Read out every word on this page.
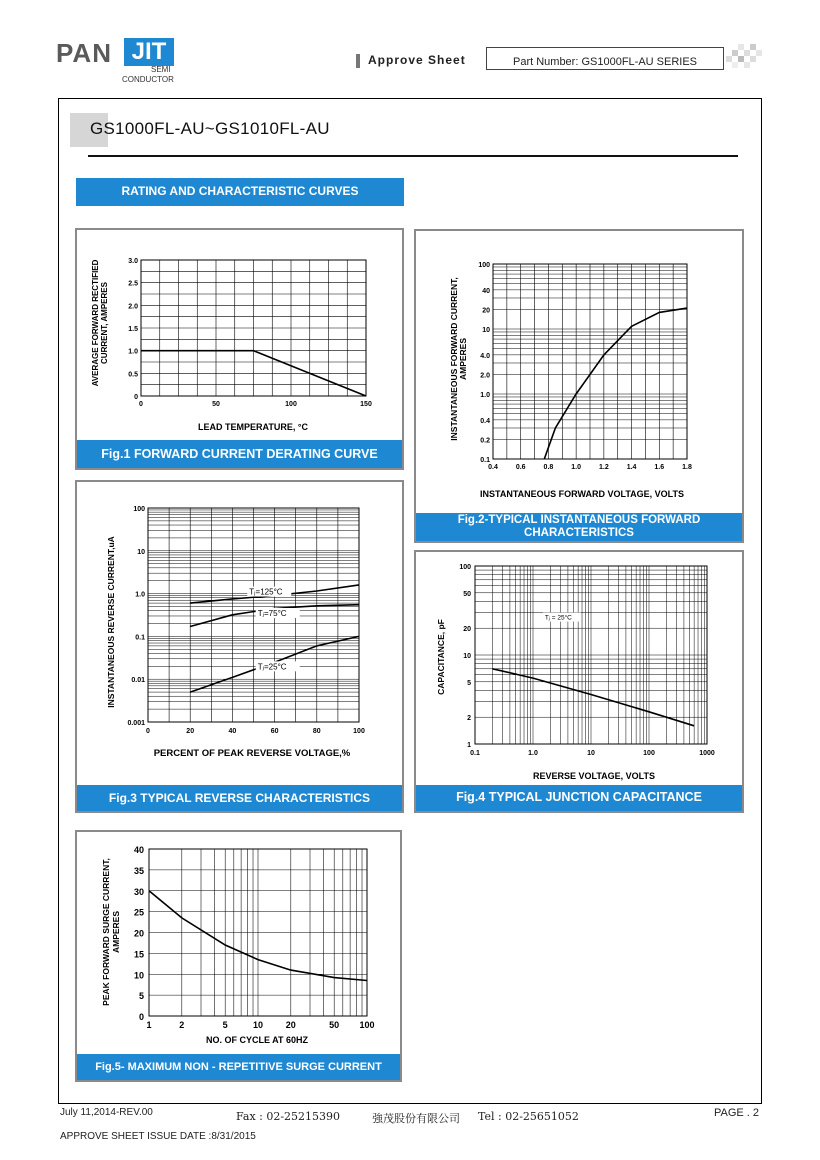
PAN JIT
SEMI
CONDUCTOR
Approve Sheet	Part Number: GS1000FL-AU SERIES
GS1000FL-AU~GS1010FL-AU
RATING AND CHARACTERISTIC CURVES
0	50	100	150
0
0.5
1.0
1.5
2.0
2.5
3.0
AVERAGE FORWARD RECTIFIED CURRENT, AMPERES
LEAD TEMPERATURE, °C
Fig.1 FORWARD CURRENT DERATING CURVE
0.4	0.6	0.8	1.0	1.2	1.4	1.6	1.8
0.1
0.2
0.4
1.0
2.0
4.0
10
20
40
100
INSTANTANEOUS FORWARD CURRENT, AMPERES
INSTANTANEOUS FORWARD VOLTAGE, VOLTS
Fig.2-TYPICAL INSTANTANEOUS FORWARD
CHARACTERISTICS
0	20	40	60	80	100
0.001
0.01
0.1
1.0
10
100
Tⱼ=125°C
Tⱼ=75°C
Tⱼ=25°C
INSTANTANEOUS REVERSE CURRENT,uA
PERCENT OF PEAK REVERSE VOLTAGE,%
Fig.3 TYPICAL REVERSE CHARACTERISTICS
0.1	1.0	10	100	1000
1
2
5
10
20
50
100
Tⱼ = 25°C
CAPACITANCE, pF
REVERSE VOLTAGE, VOLTS
Fig.4 TYPICAL JUNCTION CAPACITANCE
1	2	5	10	20	50 100
0
5
10
15
20
25
30
35
40
PEAK FORWARD SURGE CURRENT, AMPERES
NO. OF CYCLE AT 60HZ
Fig.5- MAXIMUM NON - REPETITIVE SURGE CURRENT
July 11,2014-REV.00	Fax : 02-25215390	強茂股份有限公司 Tel : 02-25651052	PAGE . 2
APPROVE SHEET ISSUE DATE :8/31/2015
